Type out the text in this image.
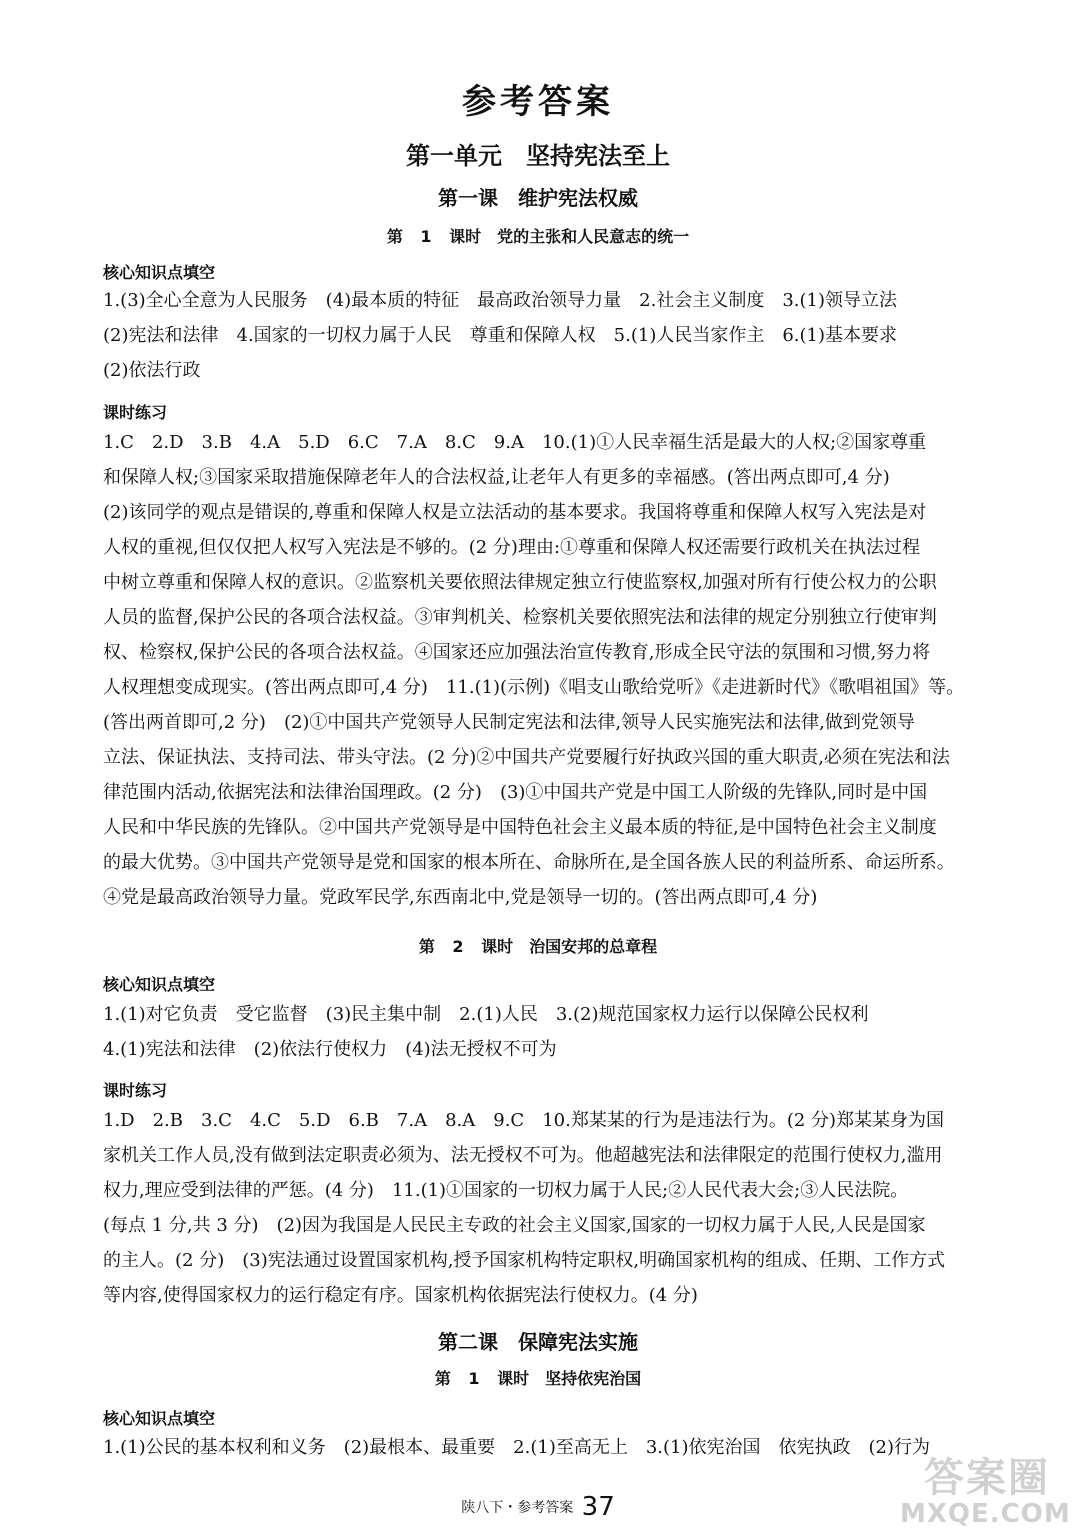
参考答案
第一单元　坚持宪法至上
第一课　维护宪法权威
第 1 课时　党的主张和人民意志的统一
核心知识点填空
1.(3)全心全意为人民服务　(4)最本质的特征　最高政治领导力量　2.社会主义制度　3.(1)领导立法
(2)宪法和法律　4.国家的一切权力属于人民　尊重和保障人权　5.(1)人民当家作主　6.(1)基本要求
(2)依法行政
课时练习
1.C　2.D　3.B　4.A　5.D　6.C　7.A　8.C　9.A　10.(1)①人民幸福生活是最大的人权;②国家尊重
和保障人权;③国家采取措施保障老年人的合法权益,让老年人有更多的幸福感。(答出两点即可,4 分)
(2)该同学的观点是错误的,尊重和保障人权是立法活动的基本要求。我国将尊重和保障人权写入宪法是对
人权的重视,但仅仅把人权写入宪法是不够的。(2 分)理由:①尊重和保障人权还需要行政机关在执法过程
中树立尊重和保障人权的意识。②监察机关要依照法律规定独立行使监察权,加强对所有行使公权力的公职
人员的监督,保护公民的各项合法权益。③审判机关、检察机关要依照宪法和法律的规定分别独立行使审判
权、检察权,保护公民的各项合法权益。④国家还应加强法治宣传教育,形成全民守法的氛围和习惯,努力将
人权理想变成现实。(答出两点即可,4 分)　11.(1)(示例)《唱支山歌给党听》《走进新时代》《歌唱祖国》等。
(答出两首即可,2 分)　(2)①中国共产党领导人民制定宪法和法律,领导人民实施宪法和法律,做到党领导
立法、保证执法、支持司法、带头守法。(2 分)②中国共产党要履行好执政兴国的重大职责,必须在宪法和法
律范围内活动,依据宪法和法律治国理政。(2 分)　(3)①中国共产党是中国工人阶级的先锋队,同时是中国
人民和中华民族的先锋队。②中国共产党领导是中国特色社会主义最本质的特征,是中国特色社会主义制度
的最大优势。③中国共产党领导是党和国家的根本所在、命脉所在,是全国各族人民的利益所系、命运所系。
④党是最高政治领导力量。党政军民学,东西南北中,党是领导一切的。(答出两点即可,4 分)
第 2 课时　治国安邦的总章程
核心知识点填空
1.(1)对它负责　受它监督　(3)民主集中制　2.(1)人民　3.(2)规范国家权力运行以保障公民权利
4.(1)宪法和法律　(2)依法行使权力　(4)法无授权不可为
课时练习
1.D　2.B　3.C　4.C　5.D　6.B　7.A　8.A　9.C　10.郑某某的行为是违法行为。(2 分)郑某某身为国
家机关工作人员,没有做到法定职责必须为、法无授权不可为。他超越宪法和法律限定的范围行使权力,滥用
权力,理应受到法律的严惩。(4 分)　11.(1)①国家的一切权力属于人民;②人民代表大会;③人民法院。
(每点 1 分,共 3 分)　(2)因为我国是人民民主专政的社会主义国家,国家的一切权力属于人民,人民是国家
的主人。(2 分)　(3)宪法通过设置国家机构,授予国家机构特定职权,明确国家机构的组成、任期、工作方式
等内容,使得国家权力的运行稳定有序。国家机构依据宪法行使权力。(4 分)
第二课　保障宪法实施
第 1 课时　坚持依宪治国
核心知识点填空
1.(1)公民的基本权利和义务　(2)最根本、最重要　2.(1)至高无上　3.(1)依宪治国　依宪执政　(2)行为
陕八下・参考答案 37
答案圈
MXQE.COM
